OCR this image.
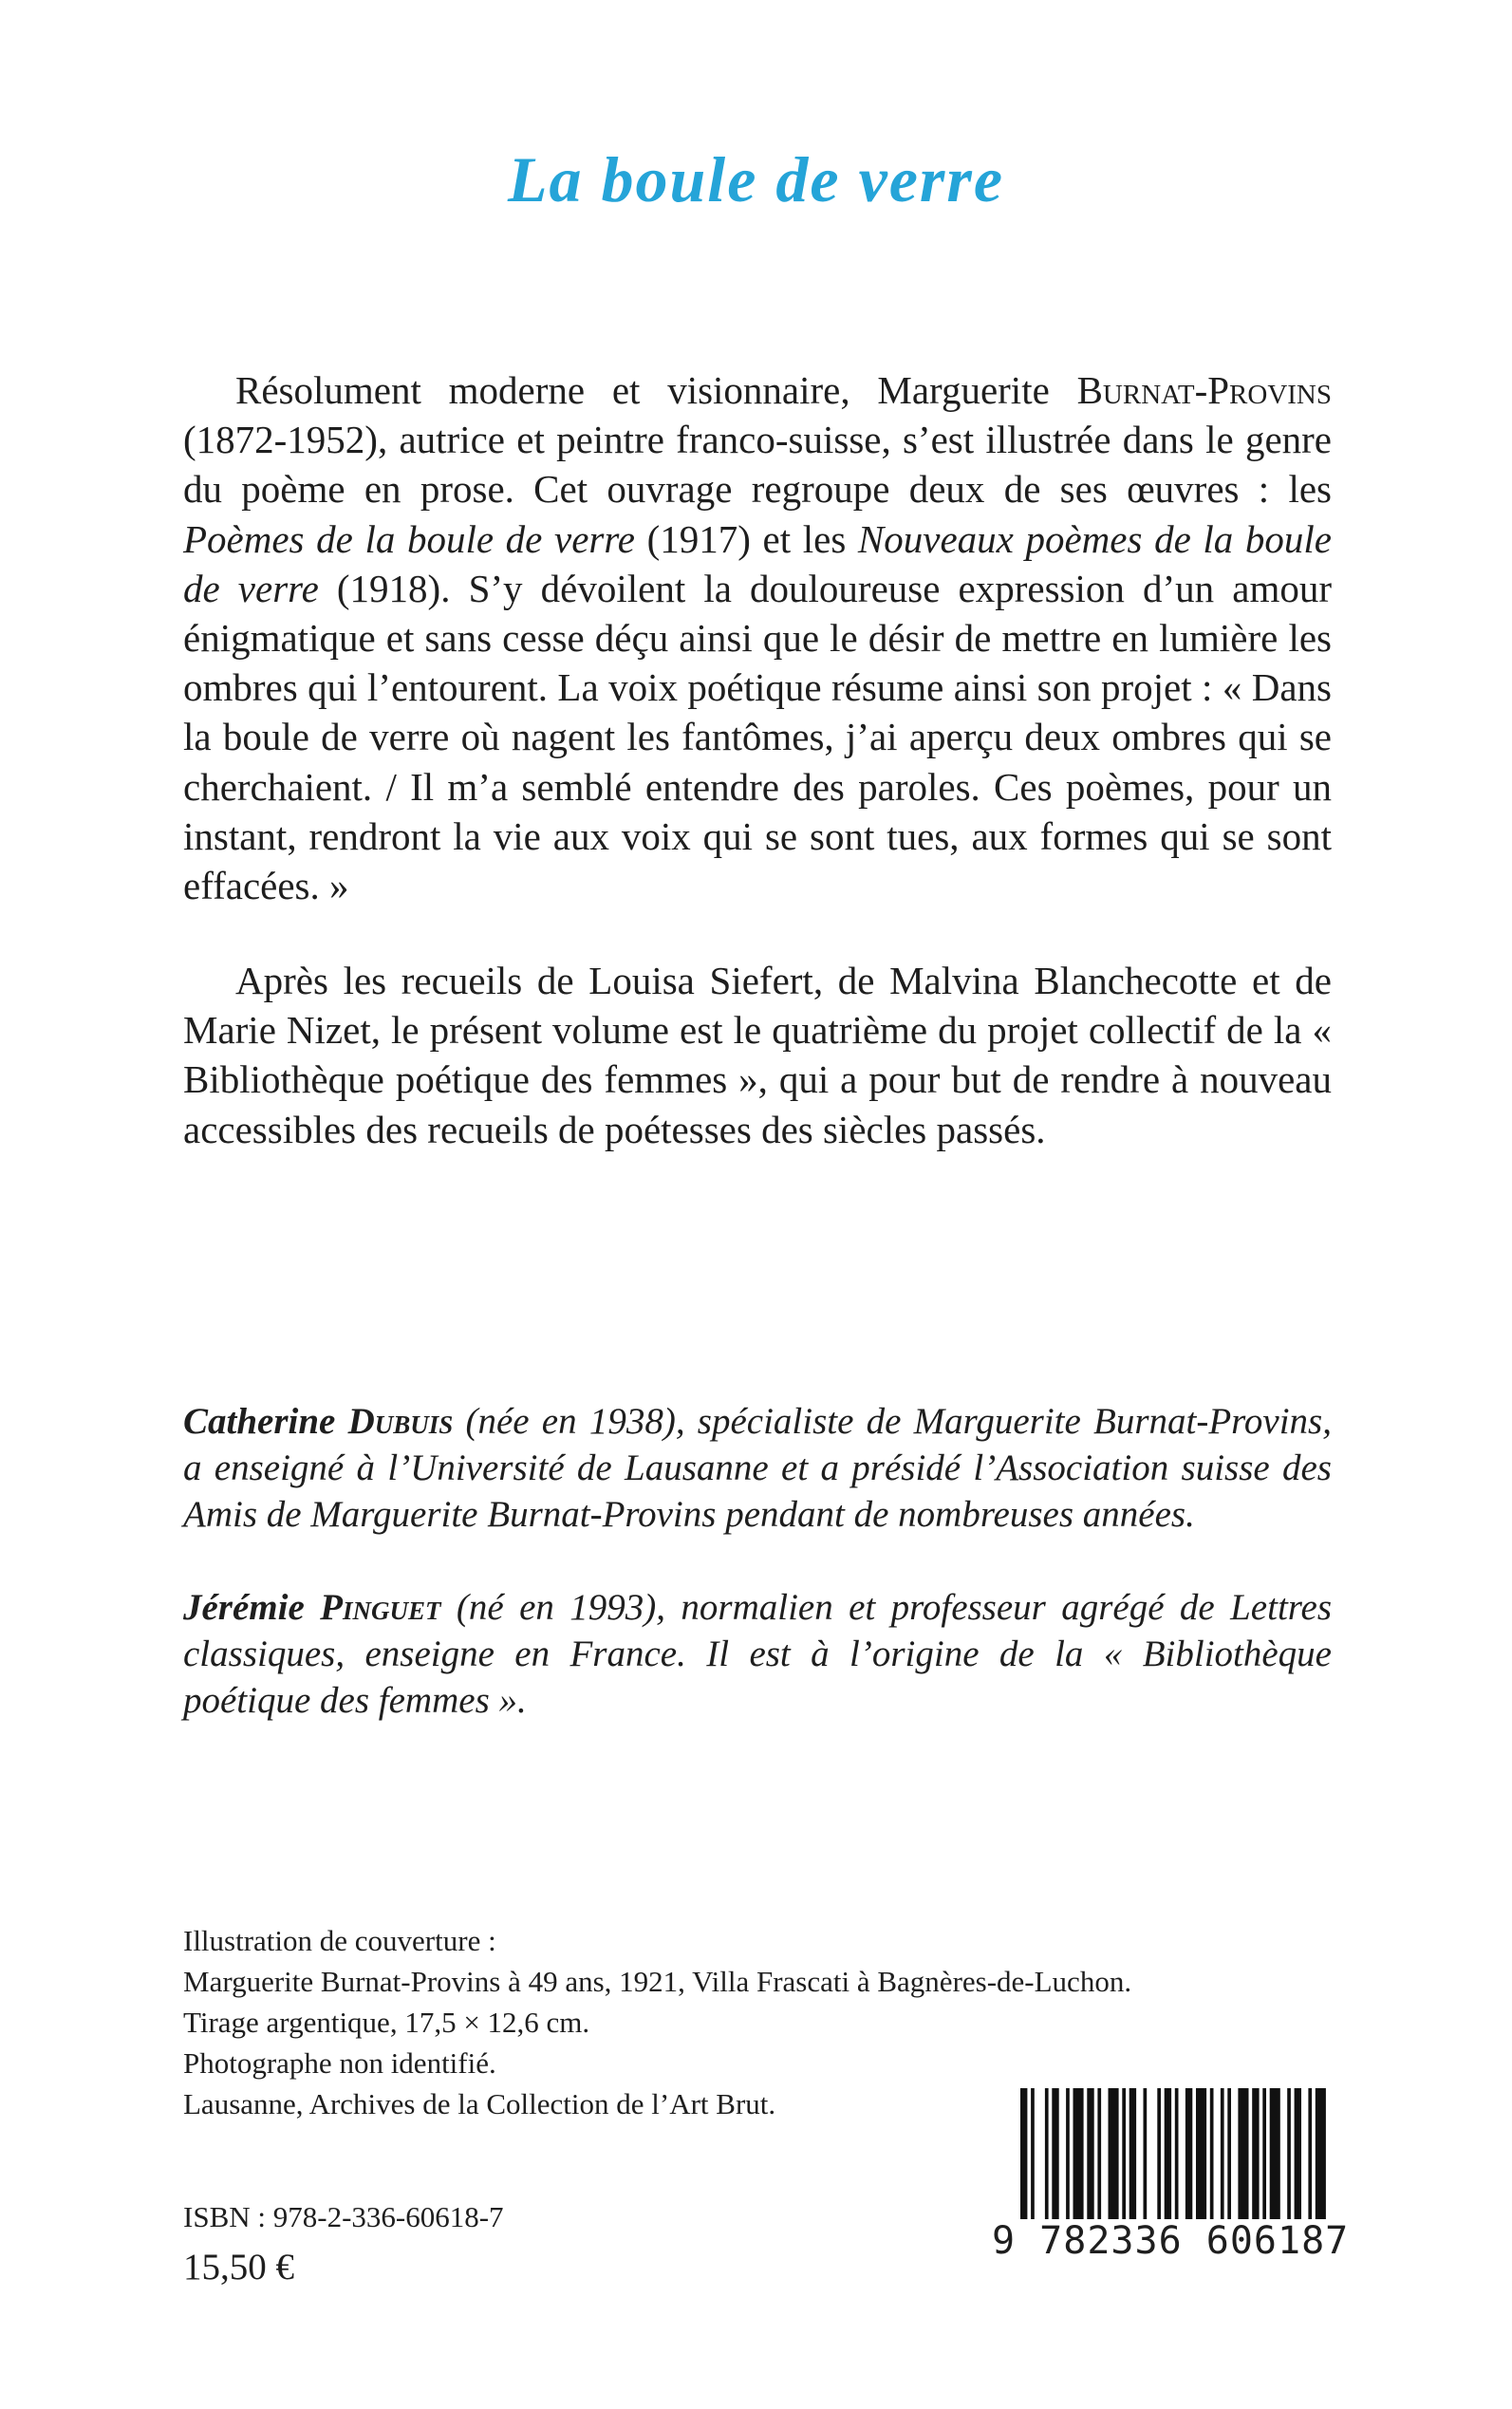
La boule de verre

Résolument moderne et visionnaire, Marguerite Burnat-Provins (1872-1952), autrice et peintre franco-suisse, s’est illustrée dans le genre du poème en prose. Cet ouvrage regroupe deux de ses œuvres : les Poèmes de la boule de verre (1917) et les Nouveaux poèmes de la boule de verre (1918). S’y dévoilent la douloureuse expression d’un amour énigmatique et sans cesse déçu ainsi que le désir de mettre en lumière les ombres qui l’entourent. La voix poétique résume ainsi son projet : « Dans la boule de verre où nagent les fantômes, j’ai aperçu deux ombres qui se cherchaient. / Il m’a semblé entendre des paroles. Ces poèmes, pour un instant, rendront la vie aux voix qui se sont tues, aux formes qui se sont effacées. »

Après les recueils de Louisa Siefert, de Malvina Blanchecotte et de Marie Nizet, le présent volume est le quatrième du projet collectif de la « Bibliothèque poétique des femmes », qui a pour but de rendre à nouveau accessibles des recueils de poétesses des siècles passés.

Catherine Dubuis (née en 1938), spécialiste de Marguerite Burnat-Provins, a enseigné à l’Université de Lausanne et a présidé l’Association suisse des Amis de Marguerite Burnat-Provins pendant de nombreuses années.

Jérémie Pinguet (né en 1993), normalien et professeur agrégé de Lettres classiques, enseigne en France. Il est à l’origine de la « Bibliothèque poétique des femmes ».

Illustration de couverture :
Marguerite Burnat-Provins à 49 ans, 1921, Villa Frascati à Bagnères-de-Luchon.
Tirage argentique, 17,5 × 12,6 cm.
Photographe non identifié.
Lausanne, Archives de la Collection de l’Art Brut.

ISBN : 978-2-336-60618-7

15,50 €

9 782336 606187
